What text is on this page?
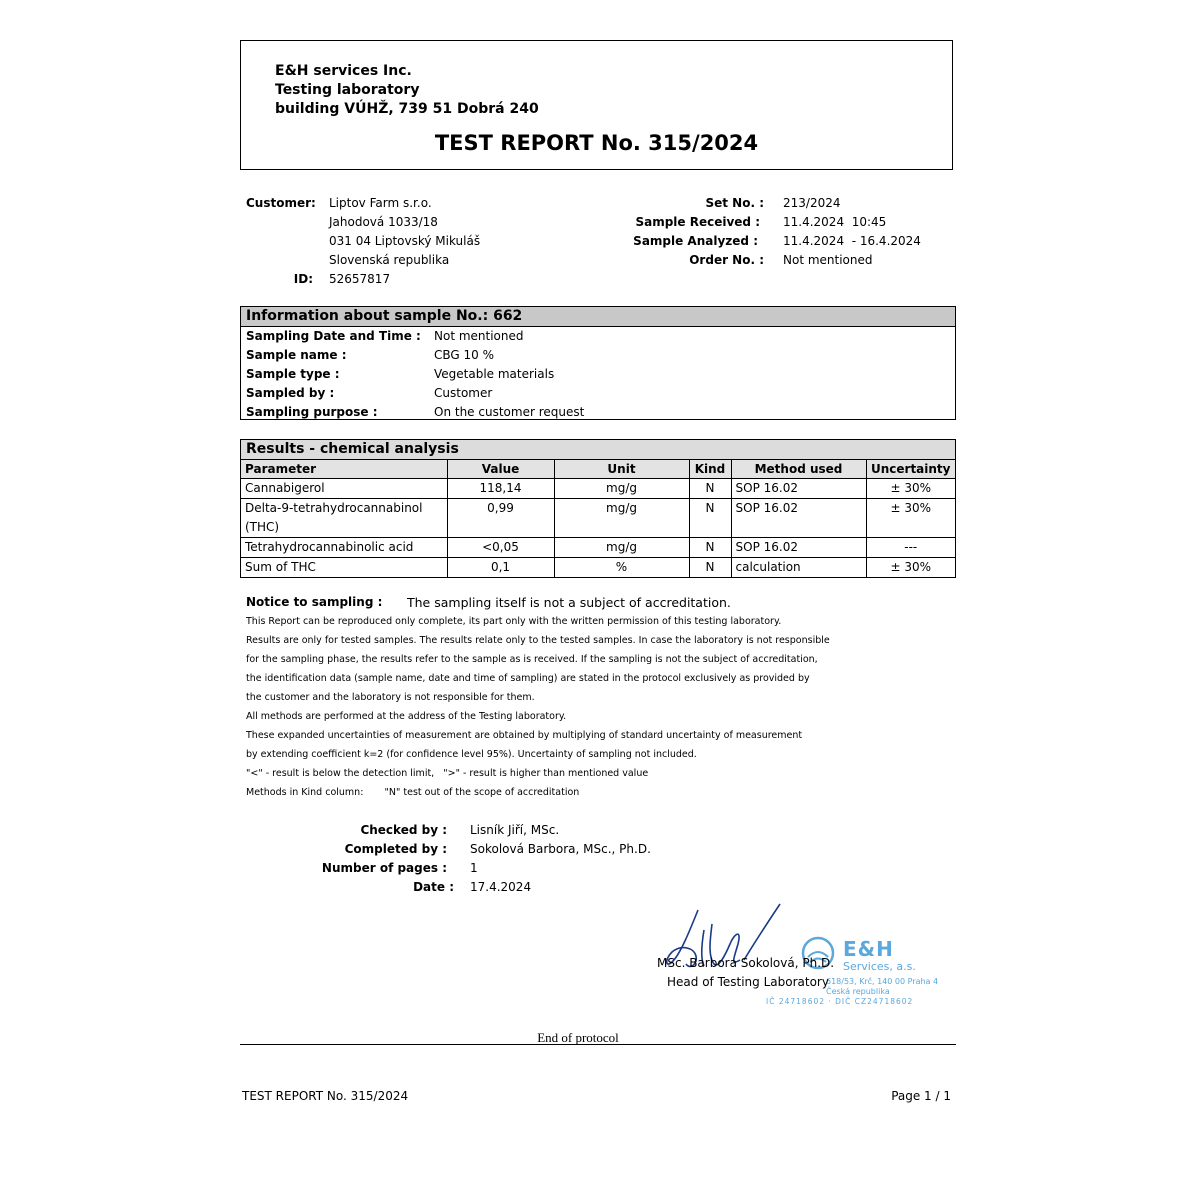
E&H services Inc.
Testing laboratory
building VÚHŽ, 739 51 Dobrá 240
TEST REPORT No. 315/2024
Customer: Liptov Farm s.r.o.
Jahodová 1033/18
031 04 Liptovský Mikuláš
Slovenská republika
ID: 52657817
Set No. : 213/2024
Sample Received : 11.4.2024  10:45
Sample Analyzed : 11.4.2024  - 16.4.2024
Order No. : Not mentioned
Information about sample No.: 662
Sampling Date and Time : Not mentioned
Sample name :	CBG 10 %
Sample type :	Vegetable materials
Sampled by :	Customer
Sampling purpose :	On the customer request
Results - chemical analysis
Parameter	Value	Unit	Kind	Method used	Uncertainty
Cannabigerol	118,14	mg/g	N	SOP 16.02	± 30%
Delta-9-tetrahydrocannabinol (THC)	0,99	mg/g	N	SOP 16.02	± 30%
Tetrahydrocannabinolic acid	<0,05	mg/g	N	SOP 16.02	---
Sum of THC	0,1	%	N	calculation	± 30%
Notice to sampling : The sampling itself is not a subject of accreditation.
This Report can be reproduced only complete, its part only with the written permission of this testing laboratory.
Results are only for tested samples. The results relate only to the tested samples. In case the laboratory is not responsible
for the sampling phase, the results refer to the sample as is received. If the sampling is not the subject of accreditation,
the identification data (sample name, date and time of sampling) are stated in the protocol exclusively as provided by
the customer and the laboratory is not responsible for them.
All methods are performed at the address of the Testing laboratory.
These expanded uncertainties of measurement are obtained by multiplying of standard uncertainty of measurement
by extending coefficient k=2 (for confidence level 95%). Uncertainty of sampling not included.
"<" - result is below the detection limit,   ">" - result is higher than mentioned value
Methods in Kind column:       "N" test out of the scope of accreditation
Checked by : Lisník Jiří, MSc.
Completed by : Sokolová Barbora, MSc., Ph.D.
Number of pages : 1
Date : 17.4.2024
E&H
Services, a.s.
618/53, Krč, 140 00 Praha 4
Česká republika
IČ 24718602 · DIČ CZ24718602
MSc. Barbora Sokolová, Ph.D.
Head of Testing Laboratory
End of protocol
TEST REPORT No. 315/2024	Page 1 / 1
